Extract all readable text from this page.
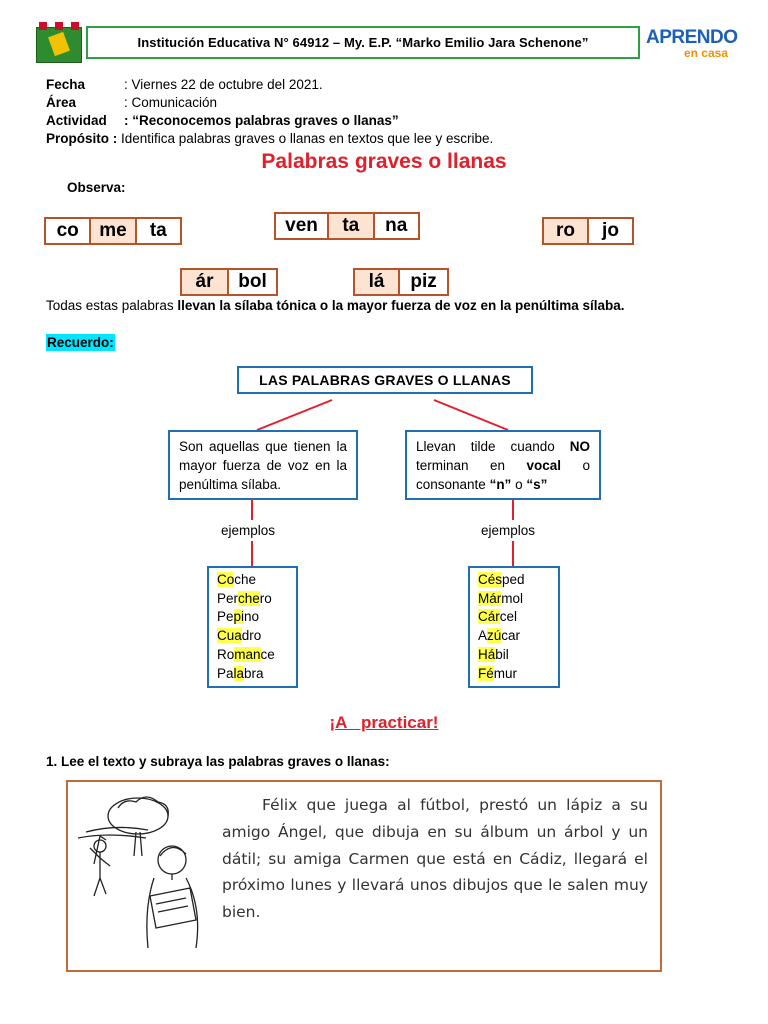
Institución Educativa N° 64912 – My. E.P. “Marko Emilio Jara Schenone”	APRENDO
en casa
Fecha	: Viernes 22 de octubre del 2021.
Área	: Comunicación
Actividad : “Reconocemos palabras graves o llanas”
Propósito : Identifica palabras graves o llanas en textos que lee y escribe.
Palabras graves o llanas
Observa:
co	me	ta	ven	ta	na	ro	jo
ár	bol	lá	piz
Todas estas palabras llevan la sílaba tónica o la mayor fuerza de voz en la penúltima sílaba.
Recuerdo:
LAS PALABRAS GRAVES O LLANAS
Son aquellas que tienen la mayor fuerza de voz en la penúltima sílaba.
Llevan tilde cuando NO terminan en vocal o consonante “n” o “s”
ejemplos	ejemplos
Coche
Perchero
Pepino
Cuadro
Romance
Palabra
Césped
Mármol
Cárcel
Azúcar
Hábil
Fémur
¡A   practicar!
1. Lee el texto y subraya las palabras graves o llanas:
Félix que juega al fútbol, prestó un lápiz a su amigo Ángel, que dibuja en su álbum un árbol y un dátil; su amiga Carmen que está en Cádiz, llegará el próximo lunes y llevará unos dibujos que le salen muy bien.
